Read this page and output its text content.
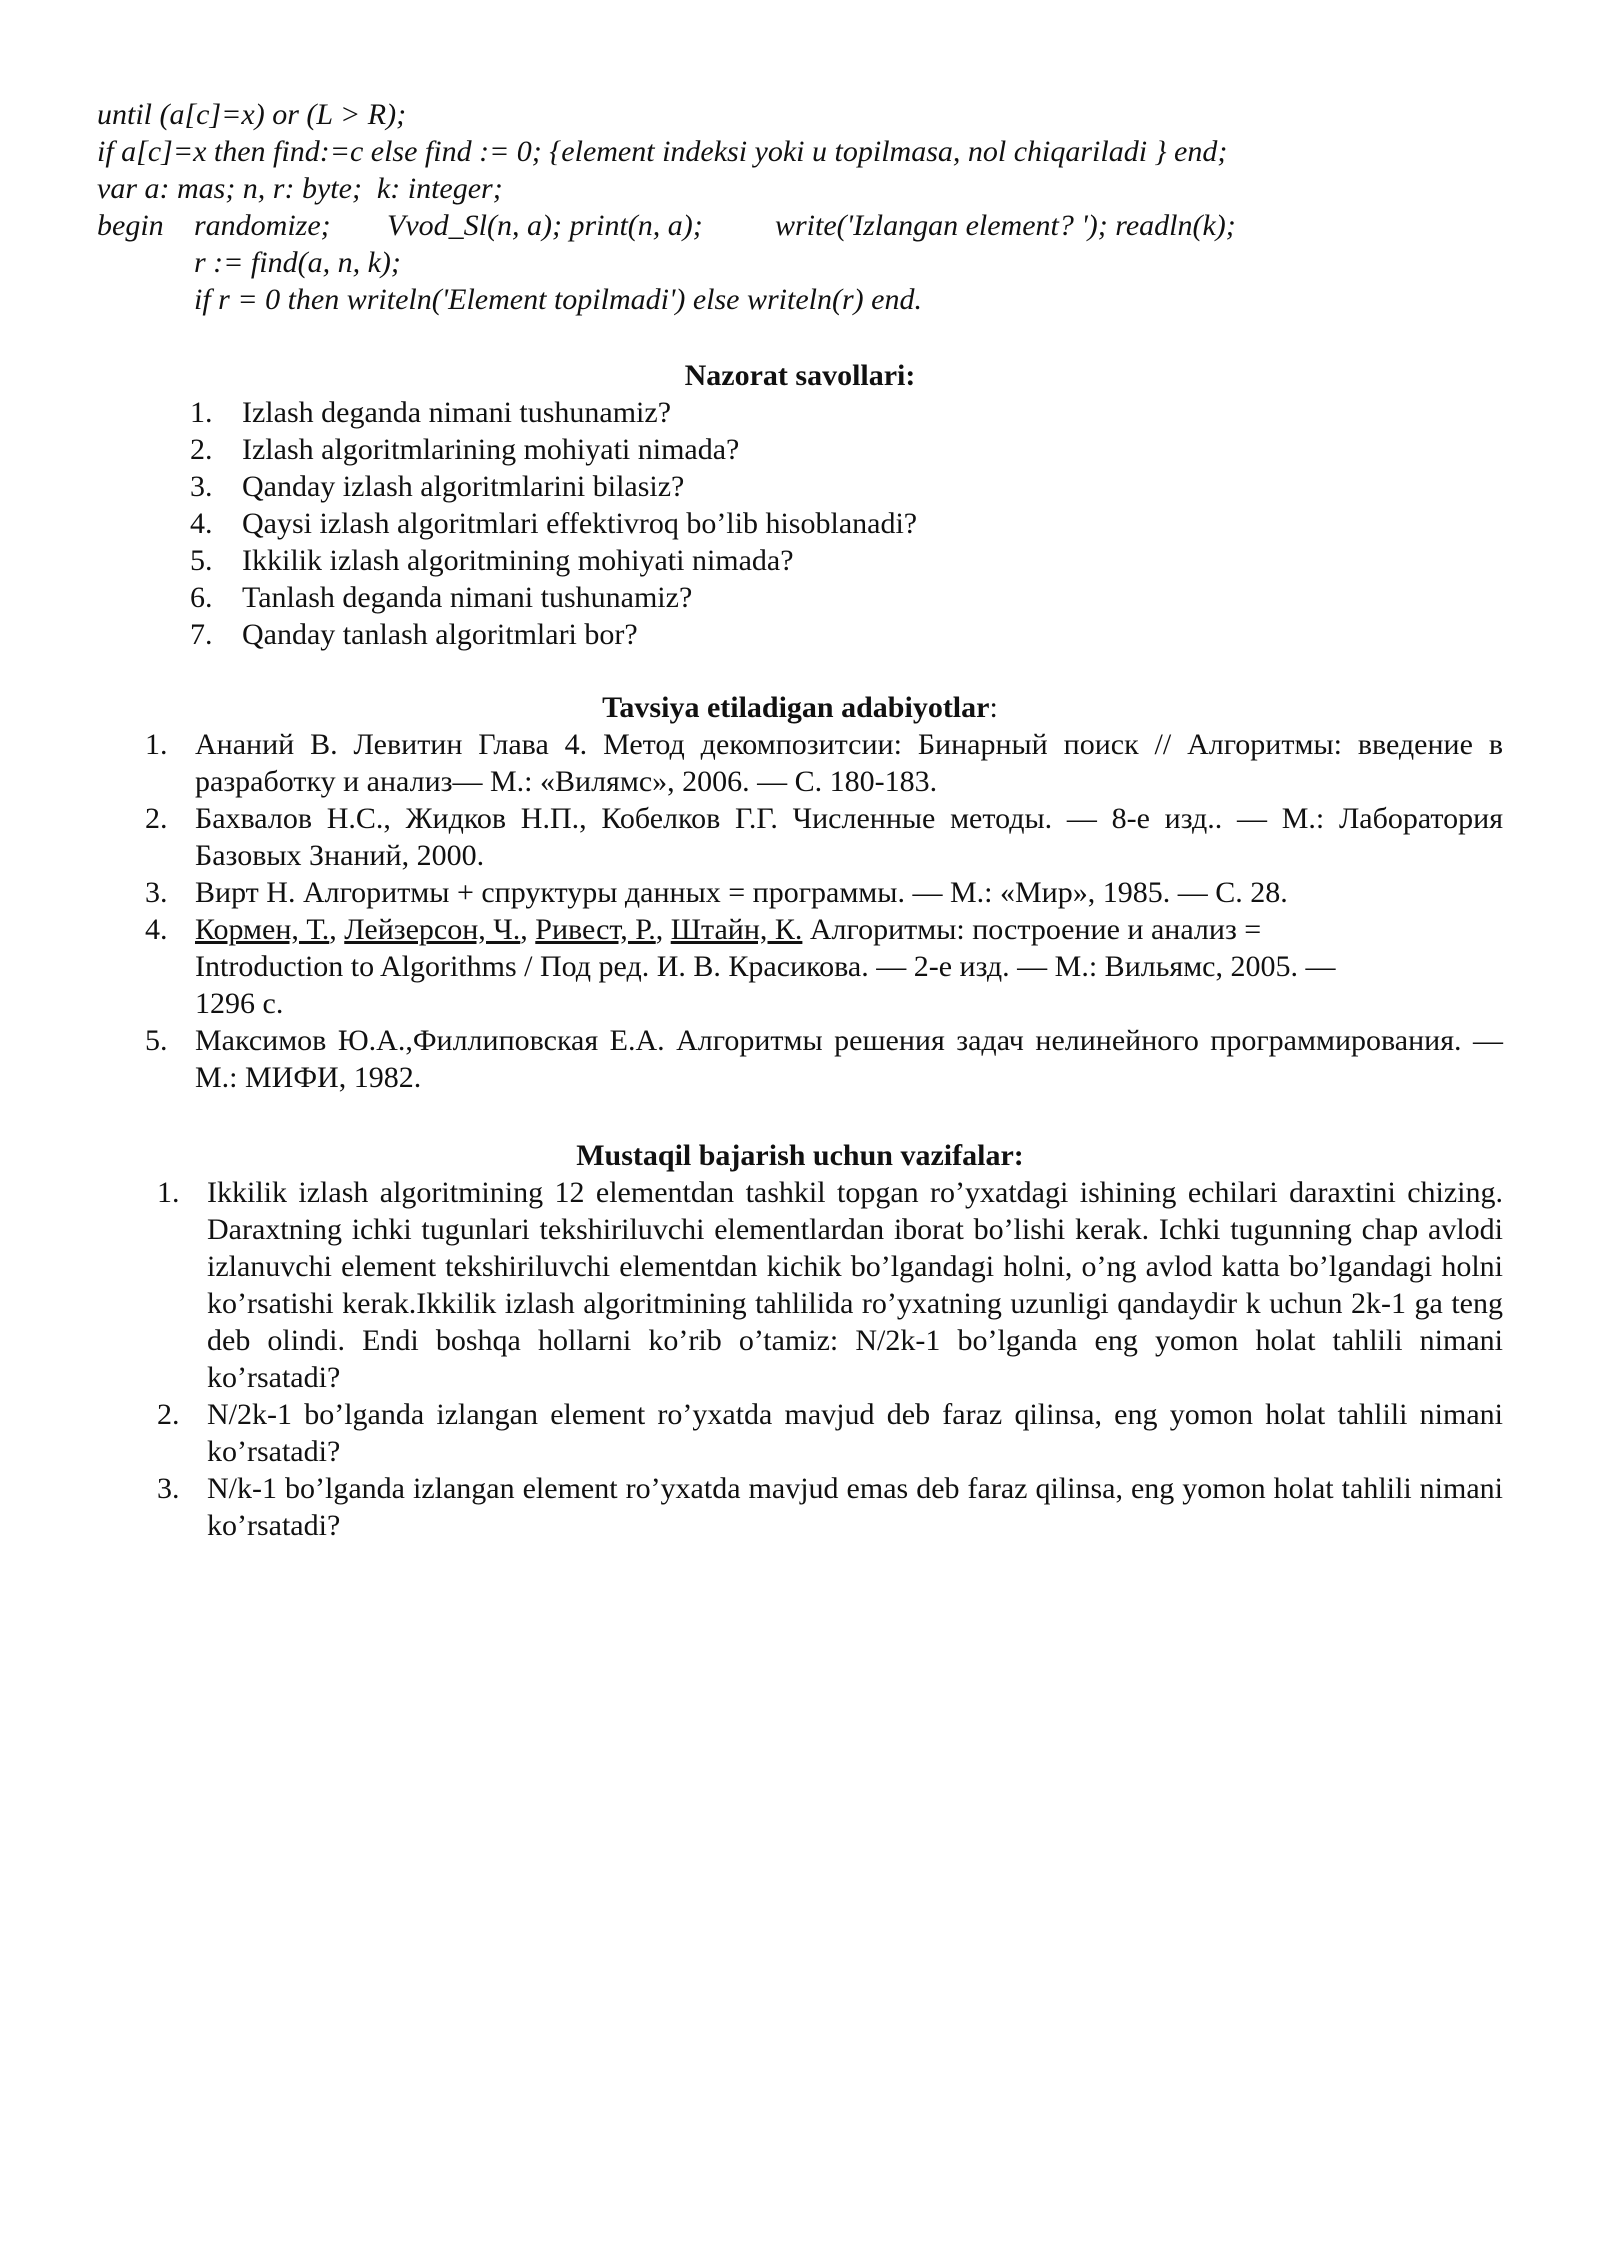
until (a[c]=x) or (L > R);
if a[c]=x then find:=c else find := 0; {element indeksi yoki u topilmasa, nol chiqariladi } end;
var a: mas; n, r: byte;  k: integer;
begin randomize; Vvod_Sl(n, a); print(n, a); write('Izlangan element? '); readln(k);
r := find(a, n, k);
if r = 0 then writeln('Element topilmadi') else writeln(r) end.
Nazorat savollari:
1. Izlash deganda nimani tushunamiz?
2. Izlash algoritmlarining mohiyati nimada?
3. Qanday izlash algoritmlarini bilasiz?
4. Qaysi izlash algoritmlari effektivroq bo’lib hisoblanadi?
5. Ikkilik izlash algoritmining mohiyati nimada?
6. Tanlash deganda nimani tushunamiz?
7. Qanday tanlash algoritmlari bor?
Tavsiya etiladigan adabiyotlar:
1. Ананий В. Левитин Глава 4. Метод декомпозитсии: Бинарный поиск // Алгоритмы: введение в разработку и анализ— М.: «Вилямс», 2006. — С. 180-183.
2. Бахвалов Н.С., Жидков Н.П., Кобелков Г.Г. Численные методы. — 8-е изд.. — М.: Лаборатория Базовых Знаний, 2000.
3. Вирт Н. Алгоритмы + спруктуры данных = программы. — М.: «Мир», 1985. — С. 28.
4. Кормен, Т., Лейзерсон, Ч., Ривест, Р., Штайн, К. Алгоритмы: построение и анализ =
Introduction to Algorithms / Под ред. И. В. Красикова. — 2-е изд. — М.: Вильямс, 2005. —
1296 с.
5. Максимов Ю.А.,Филлиповская Е.А. Алгоритмы решения задач нелинейного программирования. — М.: МИФИ, 1982.
Mustaqil bajarish uchun vazifalar:
1. Ikkilik izlash algoritmining 12 elementdan tashkil topgan ro’yxatdagi ishining echilari daraxtini chizing. Daraxtning ichki tugunlari tekshiriluvchi elementlardan iborat bo’lishi kerak. Ichki tugunning chap avlodi izlanuvchi element tekshiriluvchi elementdan kichik bo’lgandagi holni, o’ng avlod katta bo’lgandagi holni ko’rsatishi kerak.Ikkilik izlash algoritmining tahlilida ro’yxatning uzunligi qandaydir k uchun 2k-1 ga teng deb olindi. Endi boshqa hollarni ko’rib o’tamiz: N/2k-1 bo’lganda eng yomon holat tahlili nimani ko’rsatadi?
2. N/2k-1 bo’lganda izlangan element ro’yxatda mavjud deb faraz qilinsa, eng yomon holat tahlili nimani ko’rsatadi?
3. N/k-1 bo’lganda izlangan element ro’yxatda mavjud emas deb faraz qilinsa, eng yomon holat tahlili nimani ko’rsatadi?
